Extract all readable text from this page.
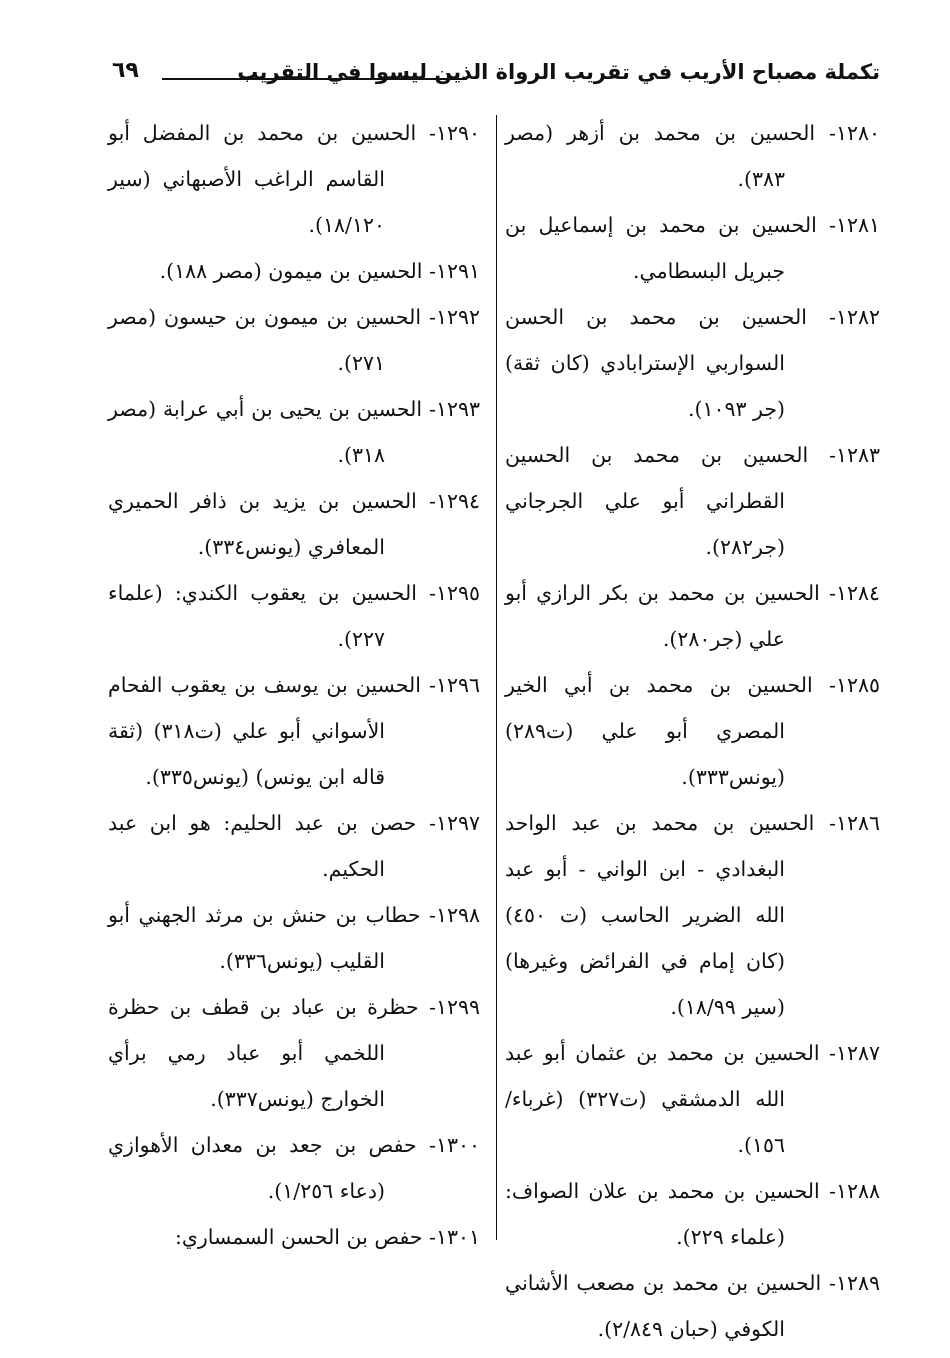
تكملة مصباح الأريب في تقريب الرواة الذين ليسوا في التقريب
٦٩

١٢٨٠- الحسين بن محمد بن أزهر (مصر ٣٨٣).

١٢٨١- الحسين بن محمد بن إسماعيل بن جبريل البسطامي.

١٢٨٢- الحسين بن محمد بن الحسن السواربي الإسترابادي (كان ثقة) (جر ١٠٩٣).

١٢٨٣- الحسين بن محمد بن الحسين القطراني أبو علي الجرجاني (جر٢٨٢).

١٢٨٤- الحسين بن محمد بن بكر الرازي أبو علي (جر٢٨٠).

١٢٨٥- الحسين بن محمد بن أبي الخير المصري أبو علي (ت٢٨٩) (يونس٣٣٣).

١٢٨٦- الحسين بن محمد بن عبد الواحد البغدادي - ابن الواني - أبو عبد الله الضرير الحاسب (ت ٤٥٠) (كان إمام في الفرائض وغيرها) (سير ١٨/٩٩).

١٢٨٧- الحسين بن محمد بن عثمان أبو عبد الله الدمشقي (ت٣٢٧) (غرباء/١٥٦).

١٢٨٨- الحسين بن محمد بن علان الصواف: (علماء ٢٢٩).

١٢٨٩- الحسين بن محمد بن مصعب الأشاني الكوفي (حبان ٢/٨٤٩).

١٢٩٠- الحسين بن محمد بن المفضل أبو القاسم الراغب الأصبهاني (سير ١٨/١٢٠).

١٢٩١- الحسين بن ميمون (مصر ١٨٨).

١٢٩٢- الحسين بن ميمون بن حيسون (مصر ٢٧١).

١٢٩٣- الحسين بن يحيى بن أبي عرابة (مصر ٣١٨).

١٢٩٤- الحسين بن يزيد بن ذافر الحميري المعافري (يونس٣٣٤).

١٢٩٥- الحسين بن يعقوب الكندي: (علماء ٢٢٧).

١٢٩٦- الحسين بن يوسف بن يعقوب الفحام الأسواني أبو علي (ت٣١٨) (ثقة قاله ابن يونس) (يونس٣٣٥).

١٢٩٧- حصن بن عبد الحليم: هو ابن عبد الحكيم.

١٢٩٨- حطاب بن حنش بن مرثد الجهني أبو القليب (يونس٣٣٦).

١٢٩٩- حظرة بن عباد بن قطف بن حظرة اللخمي أبو عباد رمي برأي الخوارج (يونس٣٣٧).

١٣٠٠- حفص بن جعد بن معدان الأهوازي (دعاء ١/٢٥٦).

١٣٠١- حفص بن الحسن السمساري:
